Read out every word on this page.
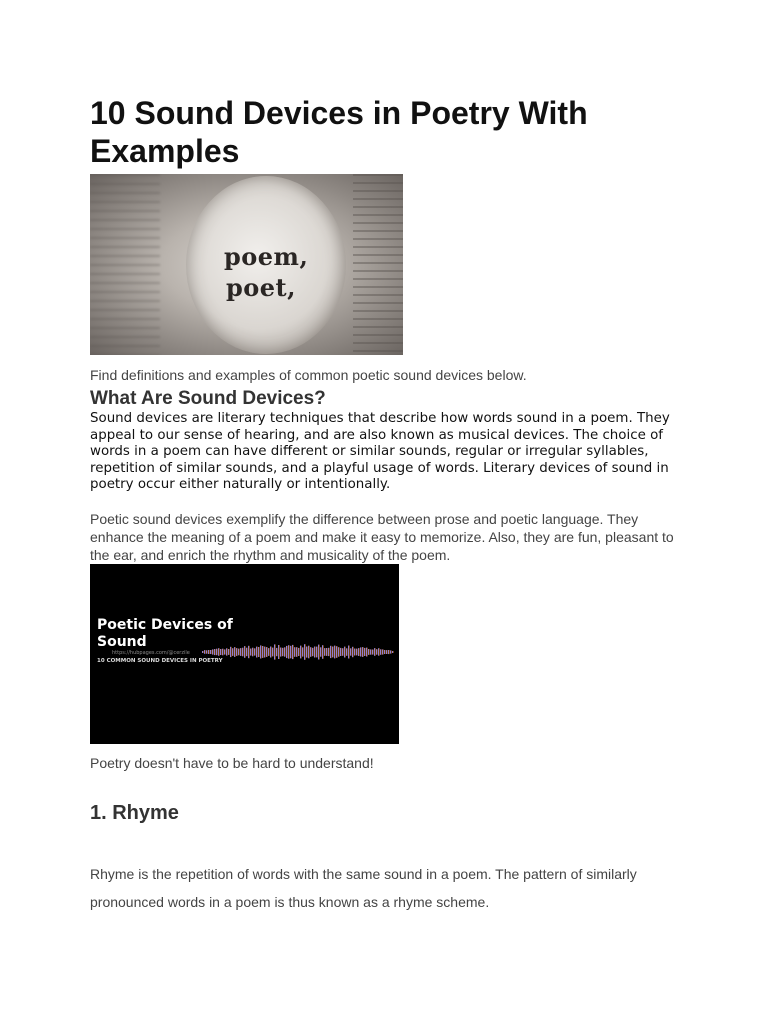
10 Sound Devices in Poetry With Examples
poem,
poet,

Find definitions and examples of common poetic sound devices below.

What Are Sound Devices?

Sound devices are literary techniques that describe how words sound in a poem. They appeal to our sense of hearing, and are also known as musical devices. The choice of words in a poem can have different or similar sounds, regular or irregular syllables, repetition of similar sounds, and a playful usage of words. Literary devices of sound in poetry occur either naturally or intentionally.

Poetic sound devices exemplify the difference between prose and poetic language. They enhance the meaning of a poem and make it easy to memorize. Also, they are fun, pleasant to the ear, and enrich the rhythm and musicality of the poem.

Poetic Devices of
Sound
https://hubpages.com/@cerzile
10 COMMON SOUND DEVICES IN POETRY

Poetry doesn't have to be hard to understand!

1. Rhyme

Rhyme is the repetition of words with the same sound in a poem. The pattern of similarly pronounced words in a poem is thus known as a rhyme scheme.
